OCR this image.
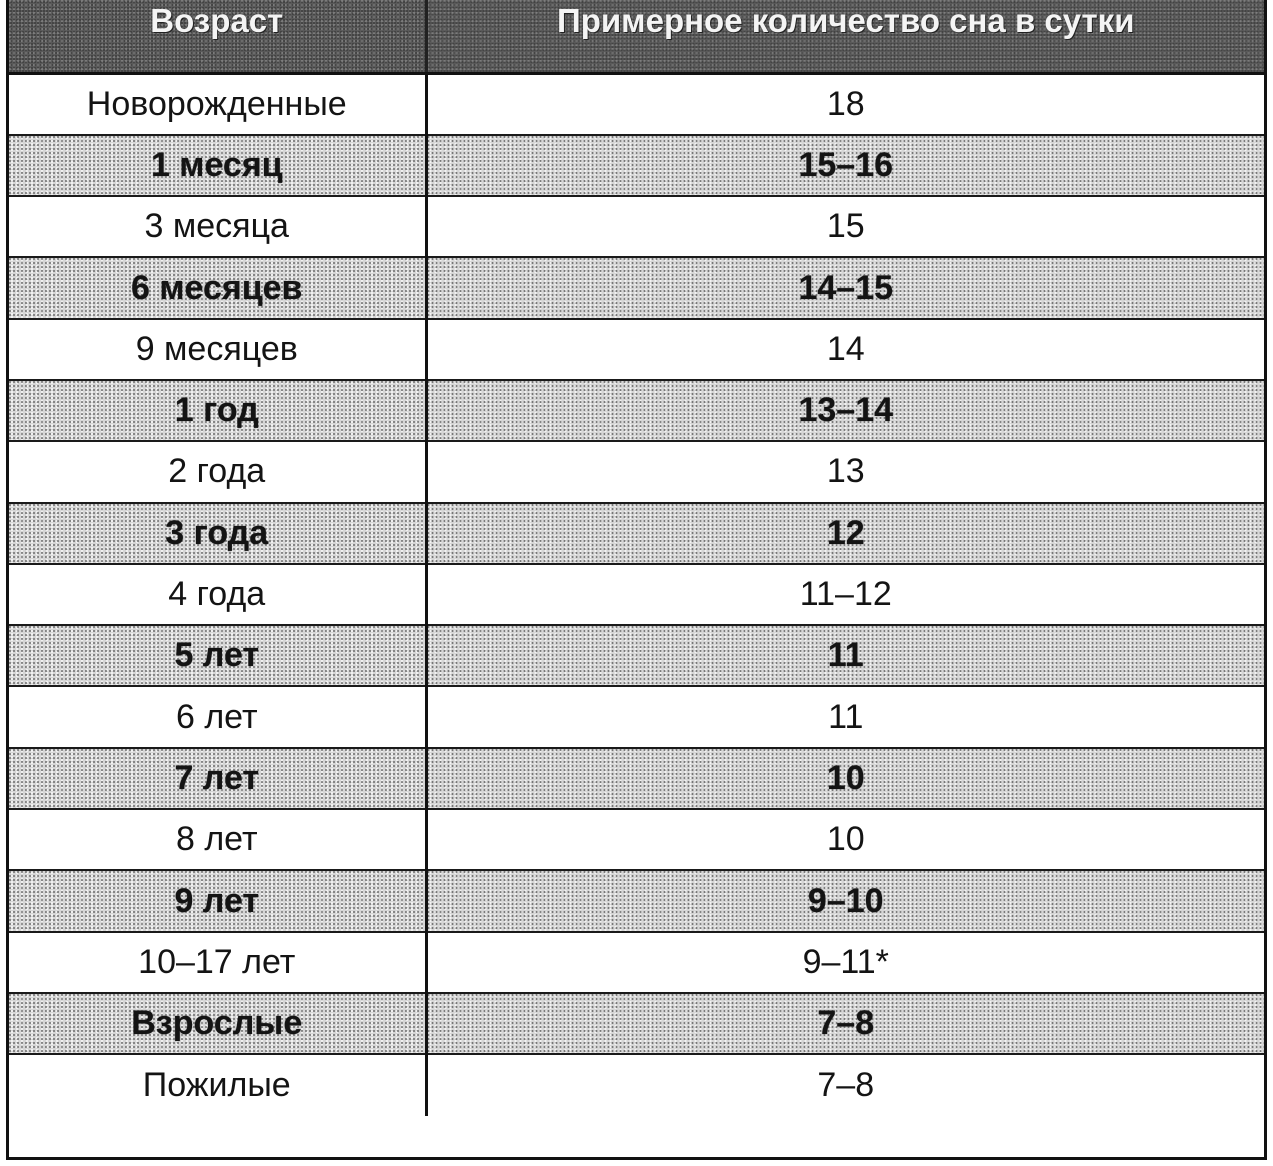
Возраст	Примерное количество сна в сутки
Новорожденные	18
1 месяц	15–16
3 месяца	15
6 месяцев	14–15
9 месяцев	14
1 год	13–14
2 года	13
3 года	12
4 года	11–12
5 лет	11
6 лет	11
7 лет	10
8 лет	10
9 лет	9–10
10–17 лет	9–11*
Взрослые	7–8
Пожилые	7–8
